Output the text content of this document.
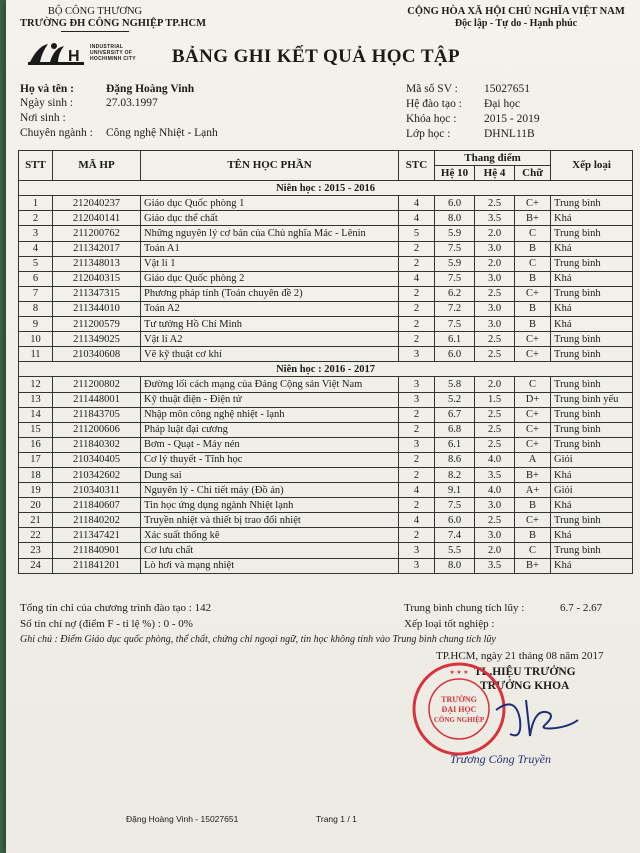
BỘ CÔNG THƯƠNG
TRƯỜNG ĐH CÔNG NGHIỆP TP.HCM
CỘNG HÒA XÃ HỘI CHỦ NGHĨA VIỆT NAM
Độc lập - Tự do - Hạnh phúc
H
INDUSTRIAL
UNIVERSITY OF
HOCHIMINH CITY	BẢNG GHI KẾT QUẢ HỌC TẬP
Họ và tên :	Đặng Hoàng Vinh
Ngày sinh :	27.03.1997
Nơi sinh :
Chuyên ngành : Công nghệ Nhiệt - Lạnh
Mã số SV : 15027651
Hệ đào tạo : Đại học
Khóa học : 2015 - 2019
Lớp học :	DHNL11B
STT	MÃ HP	TÊN HỌC PHẦN	STC	Thang điểm			Xếp loại
				Hệ 10	Hệ 4	Chữ	
Niên học : 2015 - 2016							
1	212040237	Giáo dục Quốc phòng 1	4	6.0	2.5	C+	Trung bình
2	212040141	Giáo dục thể chất	4	8.0	3.5	B+	Khá
3	211200762	Những nguyên lý cơ bản của Chủ nghĩa Mác - Lênin	5	5.9	2.0	C	Trung bình
4	211342017	Toán A1	2	7.5	3.0	B	Khá
5	211348013	Vật lí 1	2	5.9	2.0	C	Trung bình
6	212040315	Giáo dục Quốc phòng 2	4	7.5	3.0	B	Khá
7	211347315	Phương pháp tính (Toán chuyên đề 2)	2	6.2	2.5	C+	Trung bình
8	211344010	Toán A2	2	7.2	3.0	B	Khá
9	211200579	Tư tưởng Hồ Chí Minh	2	7.5	3.0	B	Khá
10	211349025	Vật lí A2	2	6.1	2.5	C+	Trung bình
11	210340608	Vẽ kỹ thuật cơ khí	3	6.0	2.5	C+	Trung bình
Niên học : 2016 - 2017							
12	211200802	Đường lối cách mạng của Đảng Cộng sản Việt Nam	3	5.8	2.0	C	Trung bình
13	211448001	Kỹ thuật điện - Điện tử	3	5.2	1.5	D+	Trung bình yếu
14	211843705	Nhập môn công nghệ nhiệt - lạnh	2	6.7	2.5	C+	Trung bình
15	211200606	Pháp luật đại cương	2	6.8	2.5	C+	Trung bình
16	211840302	Bơm - Quạt - Máy nén	3	6.1	2.5	C+	Trung bình
17	210340405	Cơ lý thuyết - Tĩnh học	2	8.6	4.0	A	Giỏi
18	210342602	Dung sai	2	8.2	3.5	B+	Khá
19	210340311	Nguyên lý - Chi tiết máy (Đồ án)	4	9.1	4.0	A+	Giỏi
20	211840607	Tin học ứng dụng ngành Nhiệt lạnh	2	7.5	3.0	B	Khá
21	211840202	Truyền nhiệt và thiết bị trao đổi nhiệt	4	6.0	2.5	C+	Trung bình
22	211347421	Xác suất thống kê	2	7.4	3.0	B	Khá
23	211840901	Cơ lưu chất	3	5.5	2.0	C	Trung bình
24	211841201	Lò hơi và mạng nhiệt	3	8.0	3.5	B+	Khá
Tổng tín chỉ của chương trình đào tạo : 142
Số tín chỉ nợ (điểm F - tỉ lệ %) : 0 - 0%
Trung bình chung tích lũy :	6.7 - 2.67
Xếp loại tốt nghiệp :
Ghi chú : Điểm Giáo dục quốc phòng, thể chất, chứng chỉ ngoại ngữ, tin học không tính vào Trung bình chung tích lũy
TP.HCM, ngày 21 tháng 08 năm 2017
TL.HIỆU TRƯỞNG
TRƯỞNG KHOA
TRƯỜNG
ĐẠI HỌC
CÔNG NGHIỆP
★ ★ ★
Trương Công Truyền
Đặng Hoàng Vinh - 15027651	Trang 1 / 1
